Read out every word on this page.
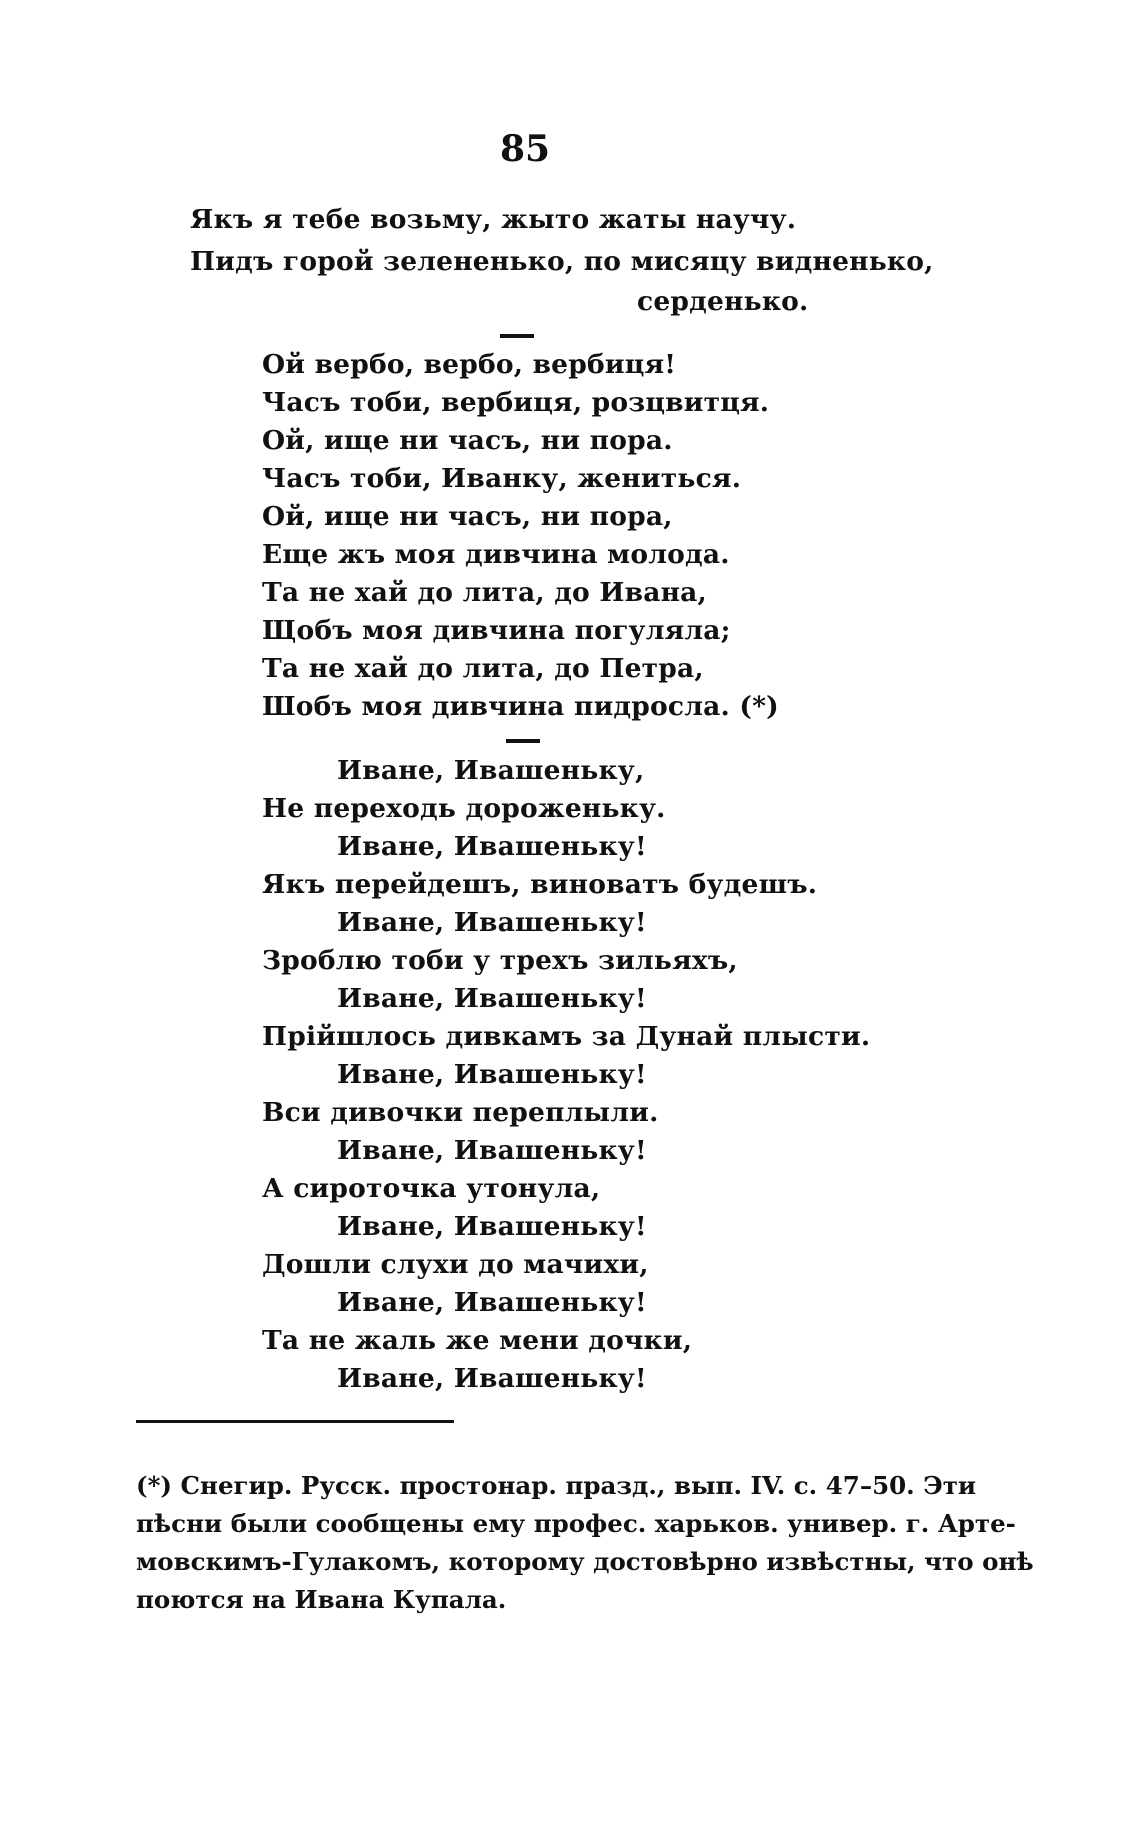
85
Якъ я тебе возьму, жыто жаты научу.
Пидъ горой зелененько, по мисяцу видненько,
серденько.
Ой вербо, вербо, вербиця!
Часъ тоби, вербиця, розцвитця.
Ой, ище ни часъ, ни пора.
Часъ тоби, Иванку, жениться.
Ой, ище ни часъ, ни пора,
Еще жъ моя дивчина молода.
Та не хай до лита, до Ивана,
Щобъ моя дивчина погуляла;
Та не хай до лита, до Петра,
Шобъ моя дивчина пидросла. (*)
Иване, Ивашеньку,
Не переходь дороженьку.
Иване, Ивашеньку!
Якъ перейдешъ, виноватъ будешъ.
Иване, Ивашеньку!
Зроблю тоби у трехъ зильяхъ,
Иване, Ивашеньку!
Прійшлось дивкамъ за Дунай плысти.
Иване, Ивашеньку!
Вси дивочки переплыли.
Иване, Ивашеньку!
А сироточка утонула,
Иване, Ивашеньку!
Дошли слухи до мачихи,
Иване, Ивашеньку!
Та не жаль же мени дочки,
Иване, Ивашеньку!
(*) Снегир. Русск. простонар. празд., вып. IV. с. 47–50. Эти
пѣсни были сообщены ему профес. харьков. унивeр. г. Арте-
мовскимъ-Гулакомъ, которому достовѣрно извѣстны, что онѣ
поются на Ивана Купала.
